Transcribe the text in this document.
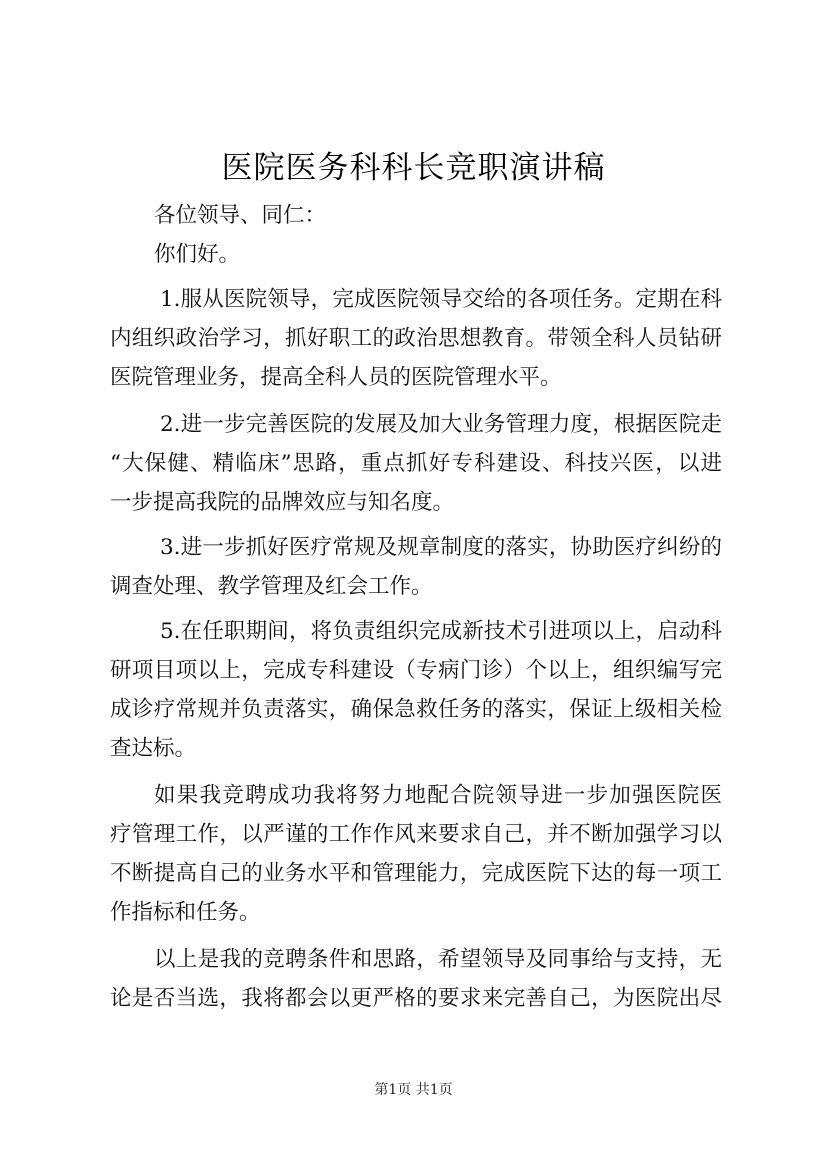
医院医务科科长竞职演讲稿
各位领导、同仁：
你们好。
1.服从医院领导，完成医院领导交给的各项任务。定期在科
内组织政治学习，抓好职工的政治思想教育。带领全科人员钻研
医院管理业务，提高全科人员的医院管理水平。
2.进一步完善医院的发展及加大业务管理力度，根据医院走
“大保健、精临床”思路，重点抓好专科建设、科技兴医，以进
一步提高我院的品牌效应与知名度。
3.进一步抓好医疗常规及规章制度的落实，协助医疗纠纷的
调查处理、教学管理及红会工作。
5.在任职期间，将负责组织完成新技术引进项以上，启动科
研项目项以上，完成专科建设（专病门诊）个以上，组织编写完
成诊疗常规并负责落实，确保急救任务的落实，保证上级相关检
查达标。
如果我竞聘成功我将努力地配合院领导进一步加强医院医
疗管理工作，以严谨的工作作风来要求自己，并不断加强学习以
不断提高自己的业务水平和管理能力，完成医院下达的每一项工
作指标和任务。
以上是我的竞聘条件和思路，希望领导及同事给与支持，无
论是否当选，我将都会以更严格的要求来完善自己，为医院出尽
第1页 共1页
